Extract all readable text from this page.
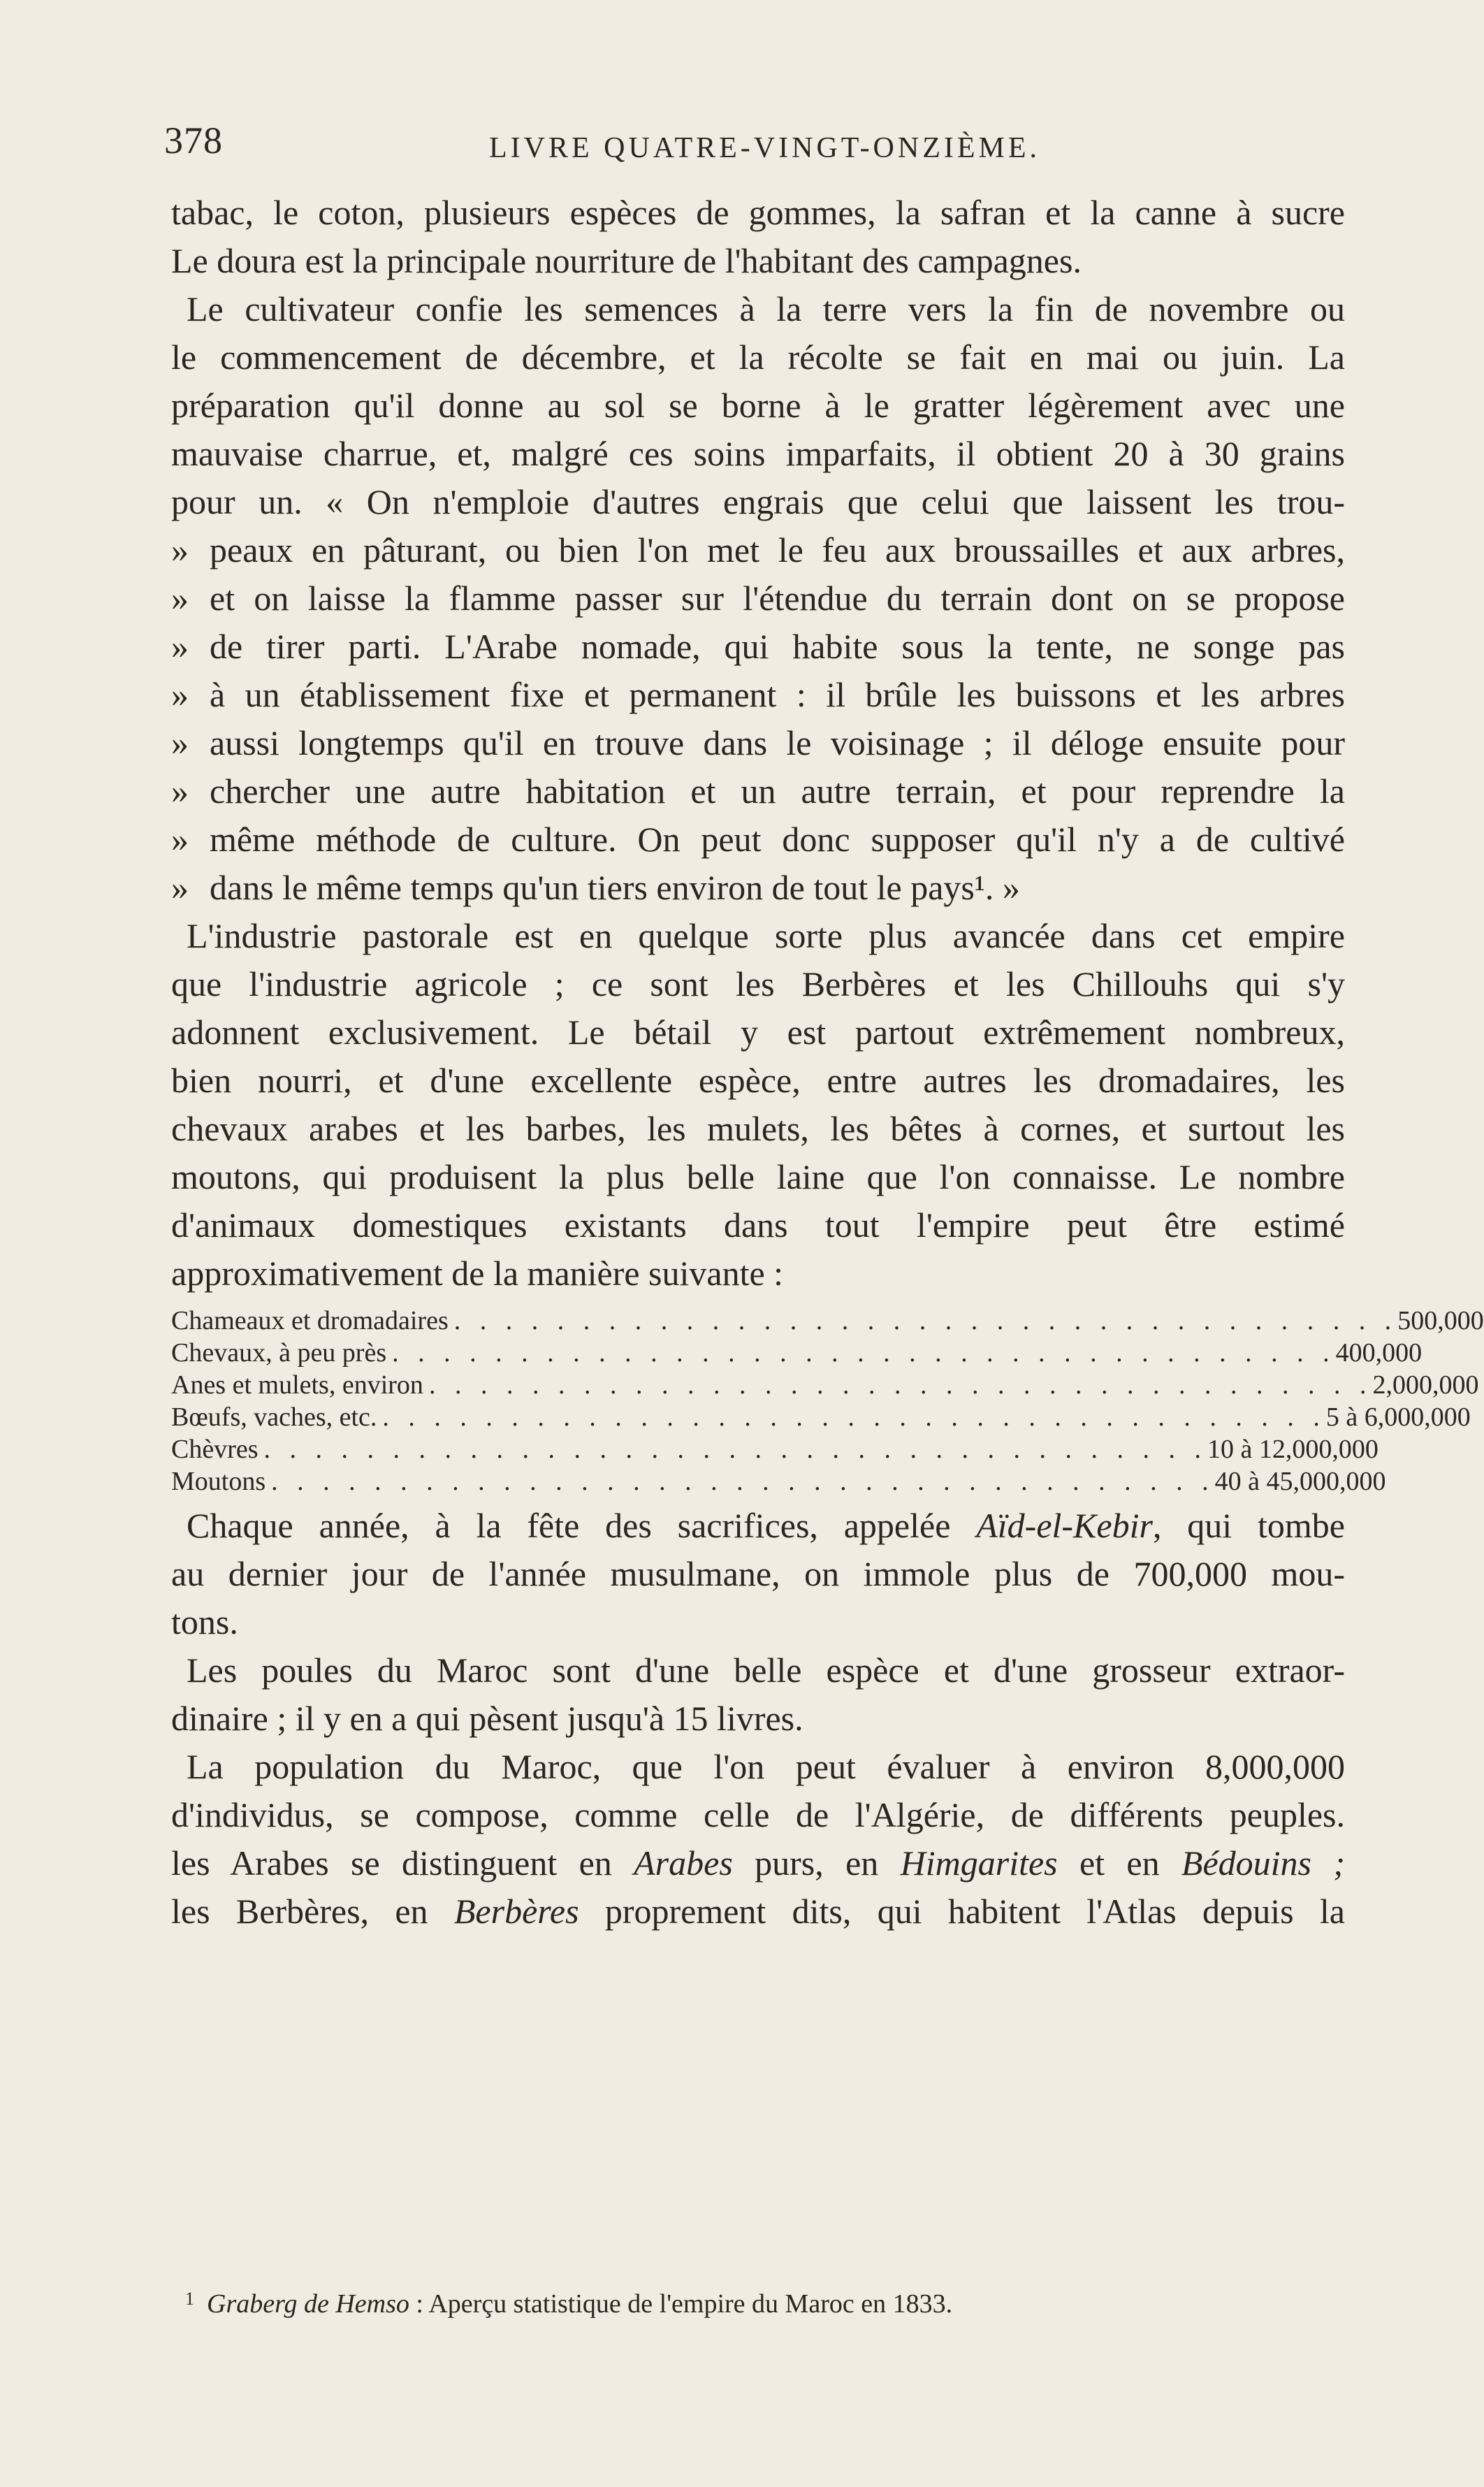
378	LIVRE QUATRE-VINGT-ONZIÈME.
tabac, le coton, plusieurs espèces de gommes, la safran et la canne à sucre
Le doura est la principale nourriture de l'habitant des campagnes.
Le cultivateur confie les semences à la terre vers la fin de novembre ou
le commencement de décembre, et la récolte se fait en mai ou juin. La
préparation qu'il donne au sol se borne à le gratter légèrement avec une
mauvaise charrue, et, malgré ces soins imparfaits, il obtient 20 à 30 grains
pour un. « On n'emploie d'autres engrais que celui que laissent les trou-
» peaux en pâturant, ou bien l'on met le feu aux broussailles et aux arbres,
» et on laisse la flamme passer sur l'étendue du terrain dont on se propose
» de tirer parti. L'Arabe nomade, qui habite sous la tente, ne songe pas
» à un établissement fixe et permanent : il brûle les buissons et les arbres
» aussi longtemps qu'il en trouve dans le voisinage ; il déloge ensuite pour
» chercher une autre habitation et un autre terrain, et pour reprendre la
» même méthode de culture. On peut donc supposer qu'il n'y a de cultivé
» dans le même temps qu'un tiers environ de tout le pays¹. »
L'industrie pastorale est en quelque sorte plus avancée dans cet empire
que l'industrie agricole ; ce sont les Berbères et les Chillouhs qui s'y
adonnent exclusivement. Le bétail y est partout extrêmement nombreux,
bien nourri, et d'une excellente espèce, entre autres les dromadaires, les
chevaux arabes et les barbes, les mulets, les bêtes à cornes, et surtout les
moutons, qui produisent la plus belle laine que l'on connaisse. Le nombre
d'animaux domestiques existants dans tout l'empire peut être estimé
approximativement de la manière suivante :
Chameaux et dromadaires . . . . . . . . . . . . . . . . . . . . . . . . . . . . . . . . . . . . . 500,000
Chevaux, à peu près . . . . . . . . . . . . . . . . . . . . . . . . . . . . . . . . . . . . . 400,000
Anes et mulets, environ . . . . . . . . . . . . . . . . . . . . . . . . . . . . . . . . . . . . . 2,000,000
Bœufs, vaches, etc. . . . . . . . . . . . . . . . . . . . . . . . . . . . . . . . . . . . . . 5 à 6,000,000
Chèvres . . . . . . . . . . . . . . . . . . . . . . . . . . . . . . . . . . . . . 10 à 12,000,000
Moutons . . . . . . . . . . . . . . . . . . . . . . . . . . . . . . . . . . . . . 40 à 45,000,000
Chaque année, à la fête des sacrifices, appelée Aïd-el-Kebir, qui tombe
au dernier jour de l'année musulmane, on immole plus de 700,000 mou-
tons.
Les poules du Maroc sont d'une belle espèce et d'une grosseur extraor-
dinaire ; il y en a qui pèsent jusqu'à 15 livres.
La population du Maroc, que l'on peut évaluer à environ 8,000,000
d'individus, se compose, comme celle de l'Algérie, de différents peuples.
les Arabes se distinguent en Arabes purs, en Himgarites et en Bédouins ;
les Berbères, en Berbères proprement dits, qui habitent l'Atlas depuis la
$^1$ Graberg de Hemso : Aperçu statistique de l'empire du Maroc en 1833.
